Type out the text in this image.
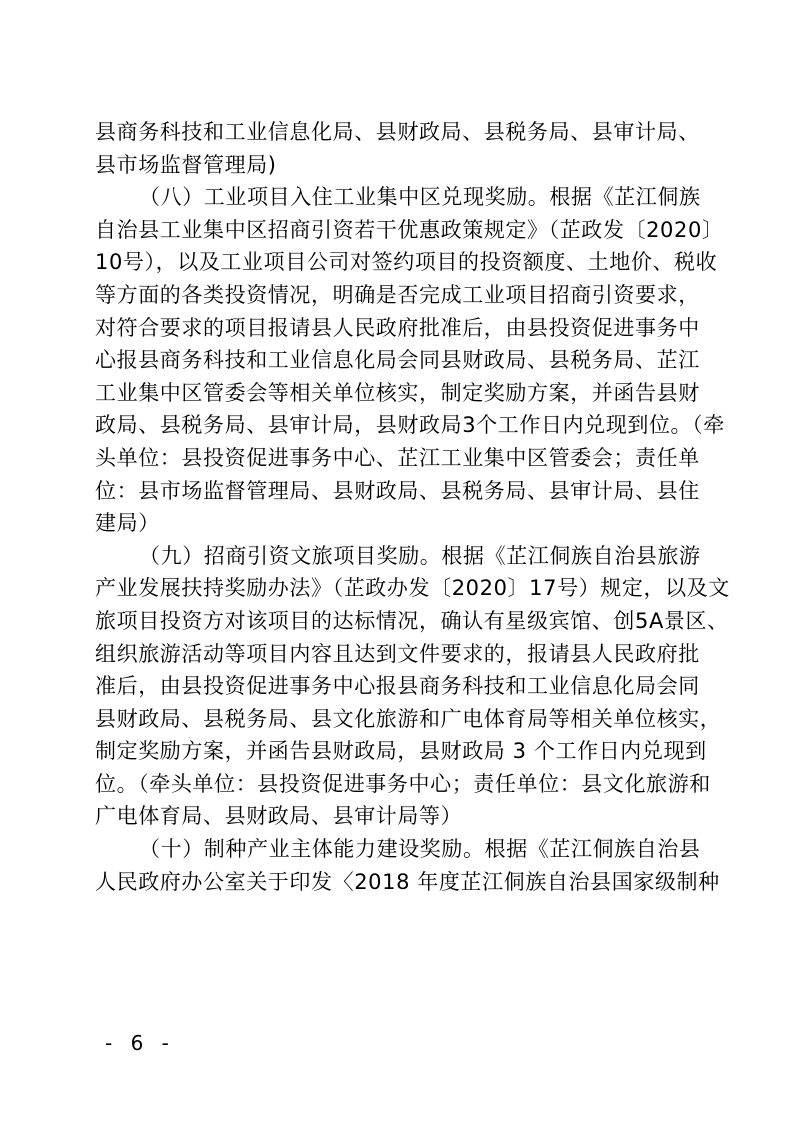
县商务科技和工业信息化局、县财政局、县税务局、县审计局、
县市场监督管理局)
（八）工业项目入住工业集中区兑现奖励。根据《芷江侗族
自治县工业集中区招商引资若干优惠政策规定》（芷政发〔2020〕
10号），以及工业项目公司对签约项目的投资额度、土地价、税收
等方面的各类投资情况，明确是否完成工业项目招商引资要求，
对符合要求的项目报请县人民政府批准后，由县投资促进事务中
心报县商务科技和工业信息化局会同县财政局、县税务局、芷江
工业集中区管委会等相关单位核实，制定奖励方案，并函告县财
政局、县税务局、县审计局，县财政局3个工作日内兑现到位。（牵
头单位：县投资促进事务中心、芷江工业集中区管委会；责任单
位：县市场监督管理局、县财政局、县税务局、县审计局、县住
建局）
（九）招商引资文旅项目奖励。根据《芷江侗族自治县旅游
产业发展扶持奖励办法》（芷政办发〔2020〕17号）规定，以及文
旅项目投资方对该项目的达标情况，确认有星级宾馆、创5A景区、
组织旅游活动等项目内容且达到文件要求的，报请县人民政府批
准后，由县投资促进事务中心报县商务科技和工业信息化局会同
县财政局、县税务局、县文化旅游和广电体育局等相关单位核实，
制定奖励方案，并函告县财政局，县财政局 3 个工作日内兑现到
位。（牵头单位：县投资促进事务中心；责任单位：县文化旅游和
广电体育局、县财政局、县审计局等）
（十）制种产业主体能力建设奖励。根据《芷江侗族自治县
人民政府办公室关于印发〈2018 年度芷江侗族自治县国家级制种
- 6 -
